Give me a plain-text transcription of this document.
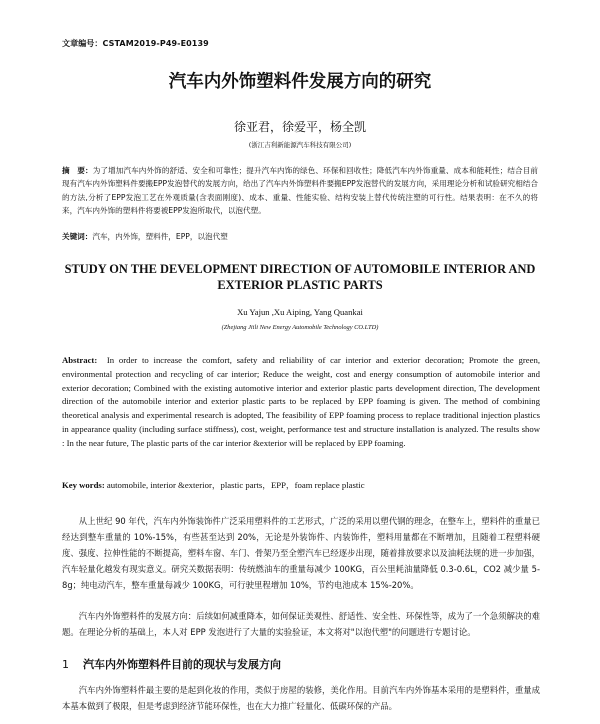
文章编号：CSTAM2019-P49-E0139
汽车内外饰塑料件发展方向的研究
徐亚君，徐爱平，杨全凯
(浙江吉利新能源汽车科技有限公司)
摘　要：为了增加汽车内外饰的舒适、安全和可靠性；提升汽车内饰的绿色、环保和回收性；降低汽车内外饰重量、成本和能耗性；结合目前现有汽车内外饰塑料件要搬EPP发泡替代的发展方向，给出了汽车内外饰塑料件要搬EPP发泡替代的发展方向，采用理论分析和试验研究相结合的方法,分析了EPP发泡工艺在外观质量(含表面刚度)、成本、重量、性能实验、结构安装上替代传统注塑的可行性。结果表明：在不久的将来，汽车内外饰的塑料件将要被EPP发泡所取代，以泡代塑。
关键词：汽车，内外饰，塑料件，EPP，以泡代塑
STUDY ON THE DEVELOPMENT DIRECTION OF AUTOMOBILE INTERIOR AND EXTERIOR PLASTIC PARTS
Xu Yajun ,Xu Aiping, Yang Quankai
(Zhejiang Jiili New Energy Automobile Technology CO.LTD)
Abstract: In order to increase the comfort, safety and reliability of car interior and exterior decoration; Promote the green, environmental protection and recycling of car interior; Reduce the weight, cost and energy consumption of automobile interior and exterior decoration; Combined with the existing automotive interior and exterior plastic parts development direction, The development direction of the automobile interior and exterior plastic parts to be replaced by EPP foaming is given. The method of combining theoretical analysis and experimental research is adopted, The feasibility of EPP foaming process to replace traditional injection plastics in appearance quality (including surface stiffness), cost, weight, performance test and structure installation is analyzed. The results show : In the near future, The plastic parts of the car interior &exterior will be replaced by EPP foaming.
Key words: automobile, interior &exterior，plastic parts，EPP，foam replace plastic
从上世纪 90 年代，汽车内外饰装饰件广泛采用塑料件的工艺形式，广泛的采用以塑代钢的理念，在整车上，塑料件的重量已经达到整车重量的 10%-15%，有些甚至达到 20%，无论是外装饰件、内装饰件，塑料用量都在不断增加，且随着工程塑料硬度、强度、拉伸性能的不断提高，塑料车窗、车门、骨架乃至全塑汽车已经逐步出现，随着排放要求以及油耗法规的进一步加强，汽车轻量化越发有现实意义。研究关数据表明：传统燃油车的重量每减少 100KG，百公里耗油量降低 0.3-0.6L，CO2 减少量 5-8g；纯电动汽车，整车重量每减少 100KG，可行驶里程增加 10%，节约电池成本 15%-20%。
汽车内外饰塑料件的发展方向：后续如何减重降本，如何保证美观性、舒适性、安全性、环保性等，成为了一个急须解决的难题。在理论分析的基础上，本人对 EPP 发泡进行了大量的实验验证，本文将对"以泡代塑"的问题进行专题讨论。
1 汽车内外饰塑料件目前的现状与发展方向
汽车内外饰塑料件最主要的是起到化妆的作用，类似于房屋的装修，美化作用。目前汽车内外饰基本采用的是塑料件，重量成本基本做到了极限，但是考虑到经济节能环保性，也在大力推广轻量化、低碳环保的产品。
